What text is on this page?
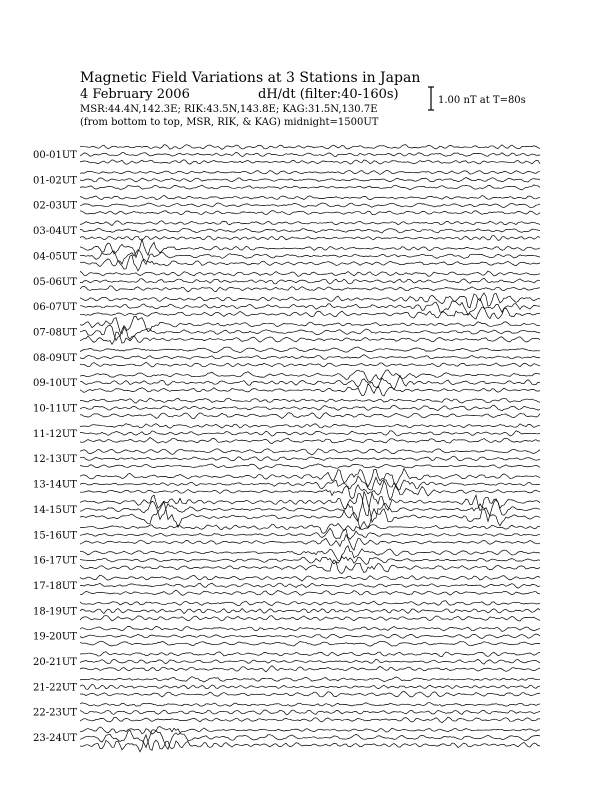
Magnetic Field Variations at 3 Stations in Japan
4 February 2006	dH/dt (filter:40-160s)
MSR:44.4N,142.3E; RIK:43.5N,143.8E; KAG:31.5N,130.7E
(from bottom to top, MSR, RIK, & KAG) midnight=1500UT
1.00 nT at T=80s
00-01UT
01-02UT
02-03UT
03-04UT
04-05UT
05-06UT
06-07UT
07-08UT
08-09UT
09-10UT
10-11UT
11-12UT
12-13UT
13-14UT
14-15UT
15-16UT
16-17UT
17-18UT
18-19UT
19-20UT
20-21UT
21-22UT
22-23UT
23-24UT
